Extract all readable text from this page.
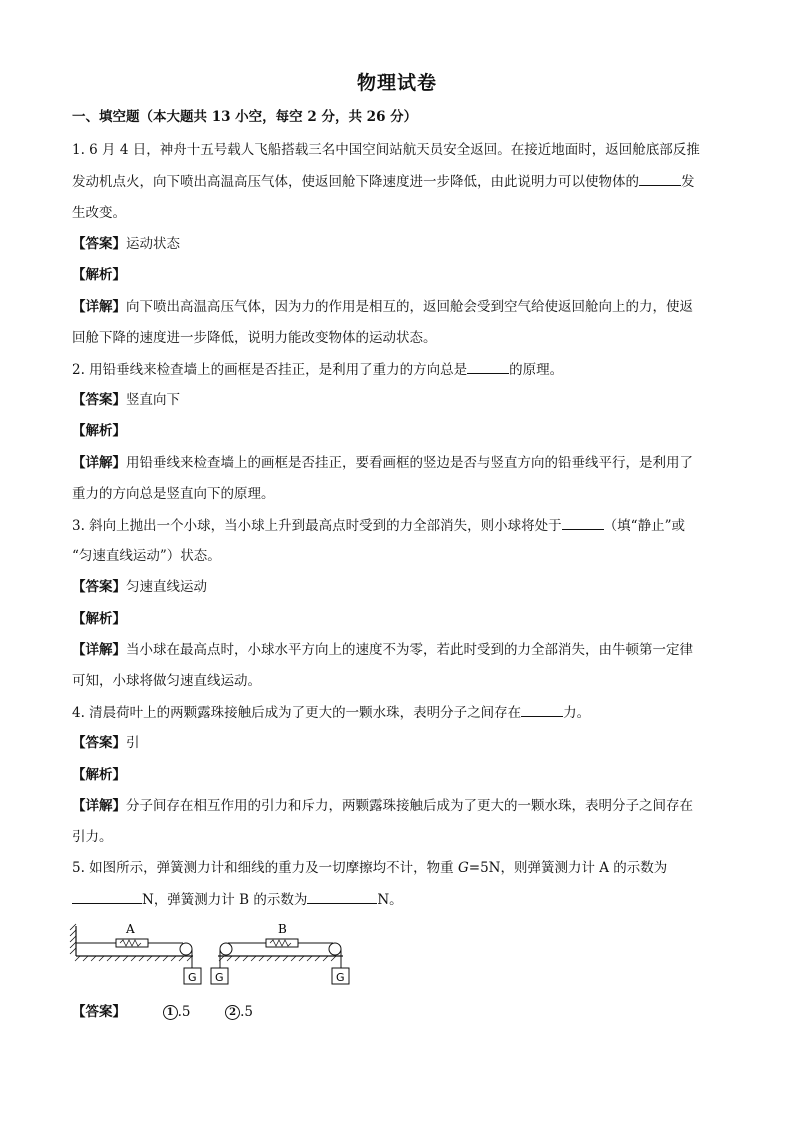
物理试卷
一、填空题（本大题共 13 小空，每空 2 分，共 26 分）
1. 6 月 4 日，神舟十五号载人飞船搭载三名中国空间站航天员安全返回。在接近地面时，返回舱底部反推
发动机点火，向下喷出高温高压气体，使返回舱下降速度进一步降低，由此说明力可以使物体的	发
生改变。
【答案】运动状态
【解析】
【详解】向下喷出高温高压气体，因为力的作用是相互的，返回舱会受到空气给使返回舱向上的力，使返
回舱下降的速度进一步降低，说明力能改变物体的运动状态。
2. 用铅垂线来检查墙上的画框是否挂正，是利用了重力的方向总是	的原理。
【答案】竖直向下
【解析】
【详解】用铅垂线来检查墙上的画框是否挂正，要看画框的竖边是否与竖直方向的铅垂线平行，是利用了
重力的方向总是竖直向下的原理。
3. 斜向上抛出一个小球，当小球上升到最高点时受到的力全部消失，则小球将处于	（填“静止”或
“匀速直线运动”）状态。
【答案】匀速直线运动
【解析】
【详解】当小球在最高点时，小球水平方向上的速度不为零，若此时受到的力全部消失，由牛顿第一定律
可知，小球将做匀速直线运动。
4. 清晨荷叶上的两颗露珠接触后成为了更大的一颗水珠，表明分子之间存在	力。
【答案】引
【解析】
【详解】分子间存在相互作用的引力和斥力，两颗露珠接触后成为了更大的一颗水珠，表明分子之间存在
引力。
5. 如图所示，弹簧测力计和细线的重力及一切摩擦均不计，物重 G=5N，则弹簧测力计 A 的示数为
N，弹簧测力计 B 的示数为	N。
A
G
B
G	G
【答案】	1 .5	2 .5
